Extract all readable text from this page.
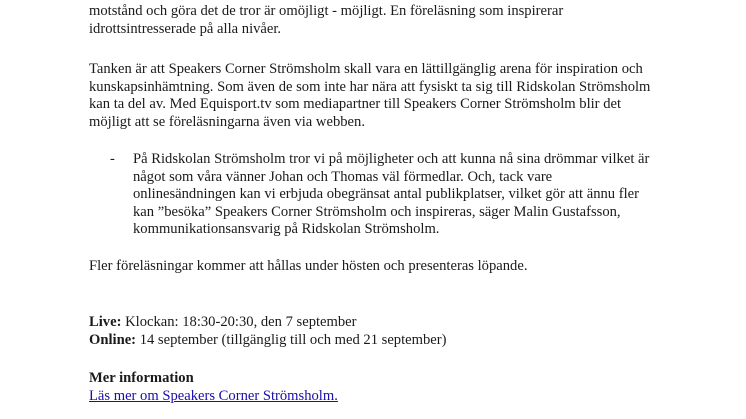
motstånd och göra det de tror är omöjligt - möjligt. En föreläsning som inspirerar
idrottsintresserade på alla nivåer.

Tanken är att Speakers Corner Strömsholm skall vara en lättillgänglig arena för inspiration och
kunskapsinhämtning. Som även de som inte har nära att fysiskt ta sig till Ridskolan Strömsholm
kan ta del av. Med Equisport.tv som mediapartner till Speakers Corner Strömsholm blir det
möjligt att se föreläsningarna även via webben.

- På Ridskolan Strömsholm tror vi på möjligheter och att kunna nå sina drömmar vilket är
något som våra vänner Johan och Thomas väl förmedlar. Och, tack vare
onlinesändningen kan vi erbjuda obegränsat antal publikplatser, vilket gör att ännu fler
kan ”besöka” Speakers Corner Strömsholm och inspireras, säger Malin Gustafsson,
kommunikationsansvarig på Ridskolan Strömsholm.

Fler föreläsningar kommer att hållas under hösten och presenteras löpande.

Live: Klockan: 18:30-20:30, den 7 september
Online: 14 september (tillgänglig till och med 21 september)

Mer information
Läs mer om Speakers Corner Strömsholm.
